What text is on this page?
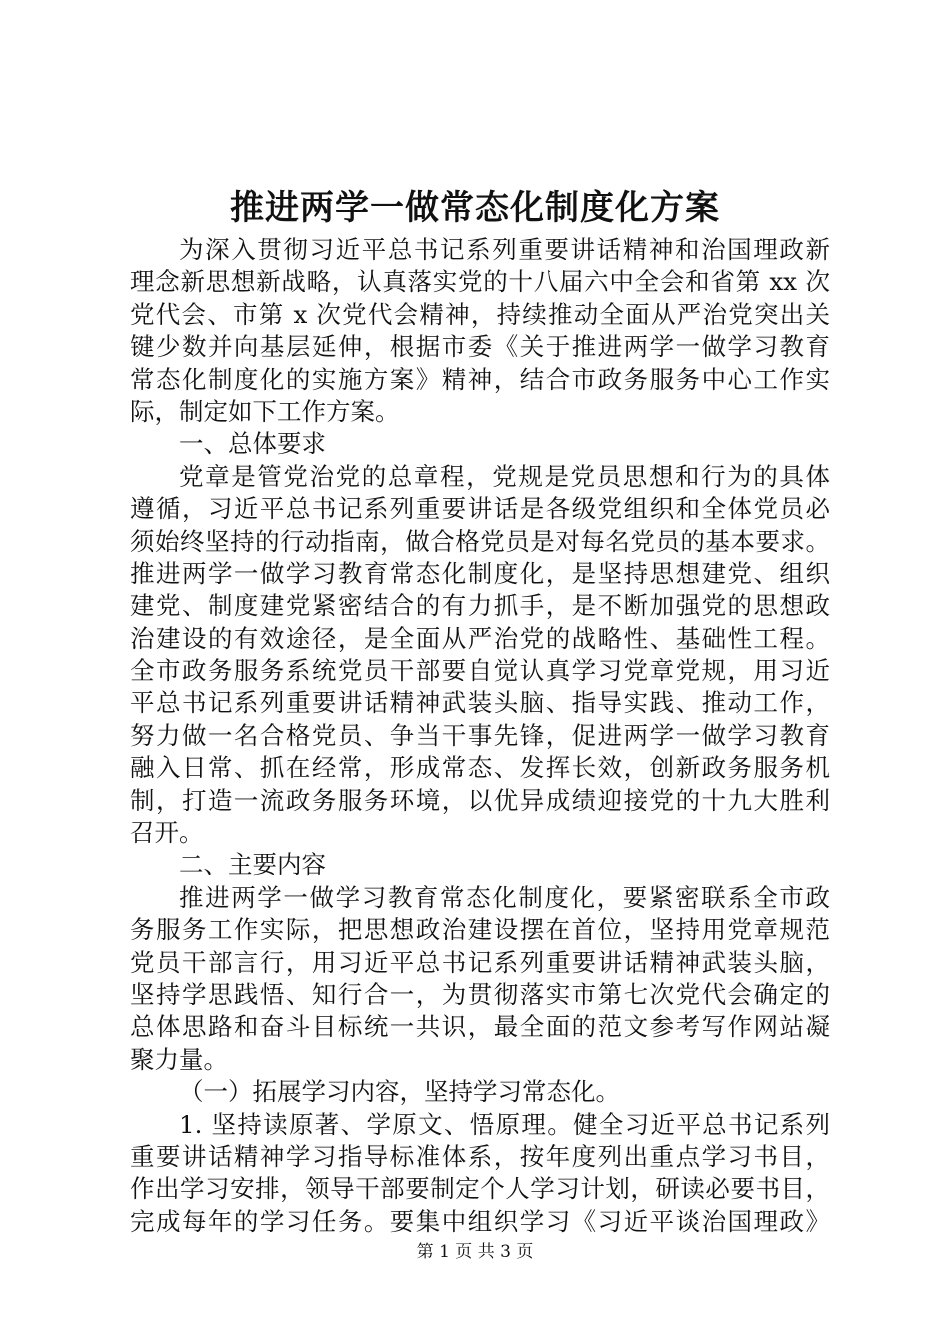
推进两学一做常态化制度化方案
为深入贯彻习近平总书记系列重要讲话精神和治国理政新
理念新思想新战略，认真落实党的十八届六中全会和省第 xx 次
党代会、市第 x 次党代会精神，持续推动全面从严治党突出关
键少数并向基层延伸，根据市委《关于推进两学一做学习教育
常态化制度化的实施方案》精神，结合市政务服务中心工作实
际，制定如下工作方案。
一、总体要求
党章是管党治党的总章程，党规是党员思想和行为的具体
遵循，习近平总书记系列重要讲话是各级党组织和全体党员必
须始终坚持的行动指南，做合格党员是对每名党员的基本要求。
推进两学一做学习教育常态化制度化，是坚持思想建党、组织
建党、制度建党紧密结合的有力抓手，是不断加强党的思想政
治建设的有效途径，是全面从严治党的战略性、基础性工程。
全市政务服务系统党员干部要自觉认真学习党章党规，用习近
平总书记系列重要讲话精神武装头脑、指导实践、推动工作，
努力做一名合格党员、争当干事先锋，促进两学一做学习教育
融入日常、抓在经常，形成常态、发挥长效，创新政务服务机
制，打造一流政务服务环境，以优异成绩迎接党的十九大胜利
召开。
二、主要内容
推进两学一做学习教育常态化制度化，要紧密联系全市政
务服务工作实际，把思想政治建设摆在首位，坚持用党章规范
党员干部言行，用习近平总书记系列重要讲话精神武装头脑，
坚持学思践悟、知行合一，为贯彻落实市第七次党代会确定的
总体思路和奋斗目标统一共识，最全面的范文参考写作网站凝
聚力量。
（一）拓展学习内容，坚持学习常态化。
1. 坚持读原著、学原文、悟原理。健全习近平总书记系列
重要讲话精神学习指导标准体系，按年度列出重点学习书目，
作出学习安排，领导干部要制定个人学习计划，研读必要书目，
完成每年的学习任务。要集中组织学习《习近平谈治国理政》
第 1 页 共 3 页
